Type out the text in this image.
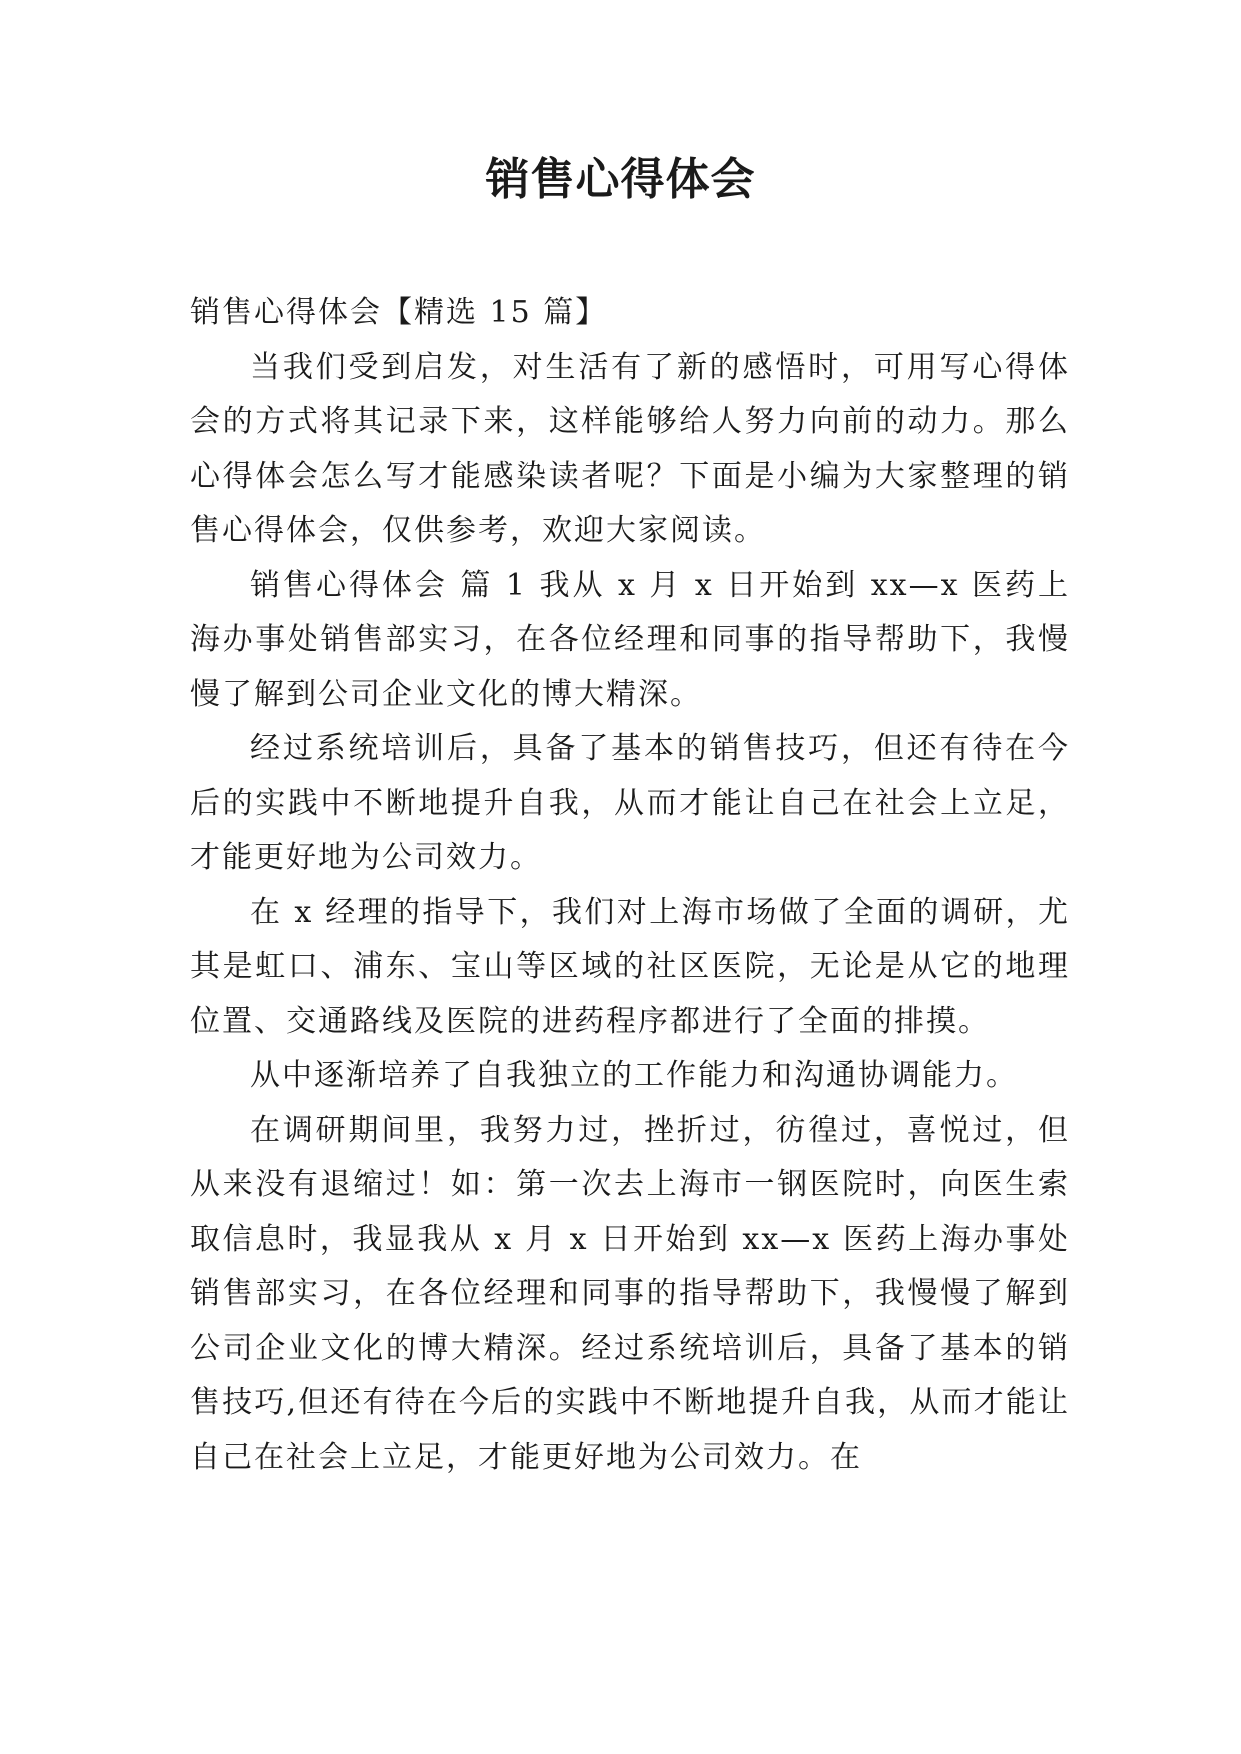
销售心得体会

销售心得体会【精选 15 篇】

当我们受到启发，对生活有了新的感悟时，可用写心得体会的方式将其记录下来，这样能够给人努力向前的动力。那么心得体会怎么写才能感染读者呢？下面是小编为大家整理的销售心得体会，仅供参考，欢迎大家阅读。

销售心得体会 篇 1 我从 x 月 x 日开始到 xx—x 医药上海办事处销售部实习，在各位经理和同事的指导帮助下，我慢慢了解到公司企业文化的博大精深。

经过系统培训后，具备了基本的销售技巧，但还有待在今后的实践中不断地提升自我，从而才能让自己在社会上立足，才能更好地为公司效力。

在 x 经理的指导下，我们对上海市场做了全面的调研，尤其是虹口、浦东、宝山等区域的社区医院，无论是从它的地理位置、交通路线及医院的进药程序都进行了全面的排摸。

从中逐渐培养了自我独立的工作能力和沟通协调能力。

在调研期间里，我努力过，挫折过，彷徨过，喜悦过，但从来没有退缩过！如：第一次去上海市一钢医院时，向医生索取信息时，我显我从 x 月 x 日开始到 xx—x 医药上海办事处销售部实习，在各位经理和同事的指导帮助下，我慢慢了解到公司企业文化的博大精深。经过系统培训后，具备了基本的销售技巧,但还有待在今后的实践中不断地提升自我，从而才能让自己在社会上立足，才能更好地为公司效力。在
